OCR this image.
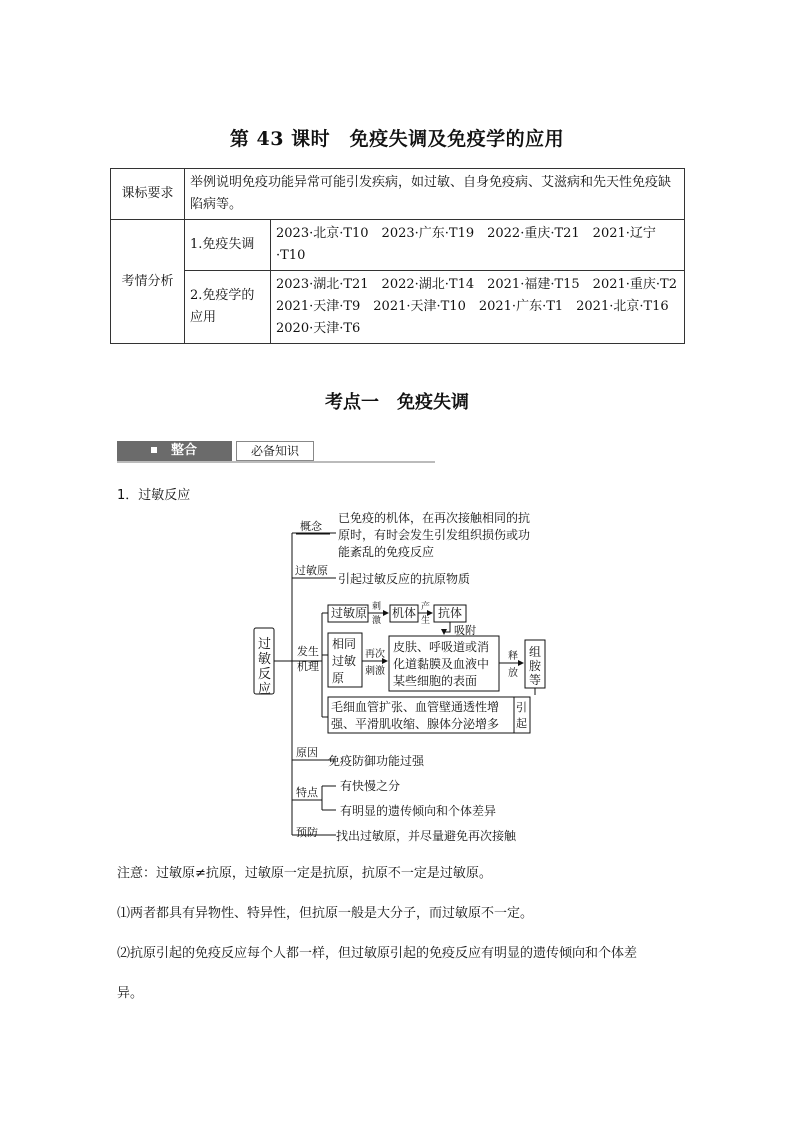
第 43 课时　免疫失调及免疫学的应用
课标要求	举例说明免疫功能异常可能引发疾病，如过敏、自身免疫病、艾滋病和先天性免疫缺陷病等。	
考情分析	1.免疫失调	2023·北京·T10　2023·广东·T19　2022·重庆·T21　2021·辽宁·T10

	2.免疫学的应用	2023·湖北·T21　2022·湖北·T14　2021·福建·T15　2021·重庆·T2
2021·天津·T9　2021·天津·T10　2021·广东·T1　2021·北京·T16
2020·天津·T6
考点一　免疫失调
整合	必备知识
1．过敏反应
过
敏
反
应
概念
已免疫的机体，在再次接触相同的抗
原时，有时会发生引发组织损伤或功
能紊乱的免疫反应
过敏原
引起过敏反应的抗原物质
发生
机理
过敏原 刺
激
机体 产
生
抗体
吸附
相同
过敏
原
再次
刺激
皮肤、呼吸道或消
化道黏膜及血液中
某些细胞的表面
释
放
组
胺
等
毛细血管扩张、血管壁通透性增
强、平滑肌收缩、腺体分泌增多
引
起
原因
免疫防御功能过强
特点 有快慢之分
有明显的遗传倾向和个体差异
预防 找出过敏原，并尽量避免再次接触
注意：过敏原≠抗原，过敏原一定是抗原，抗原不一定是过敏原。
⑴两者都具有异物性、特异性，但抗原一般是大分子，而过敏原不一定。
⑵抗原引起的免疫反应每个人都一样，但过敏原引起的免疫反应有明显的遗传倾向和个体差
异。
